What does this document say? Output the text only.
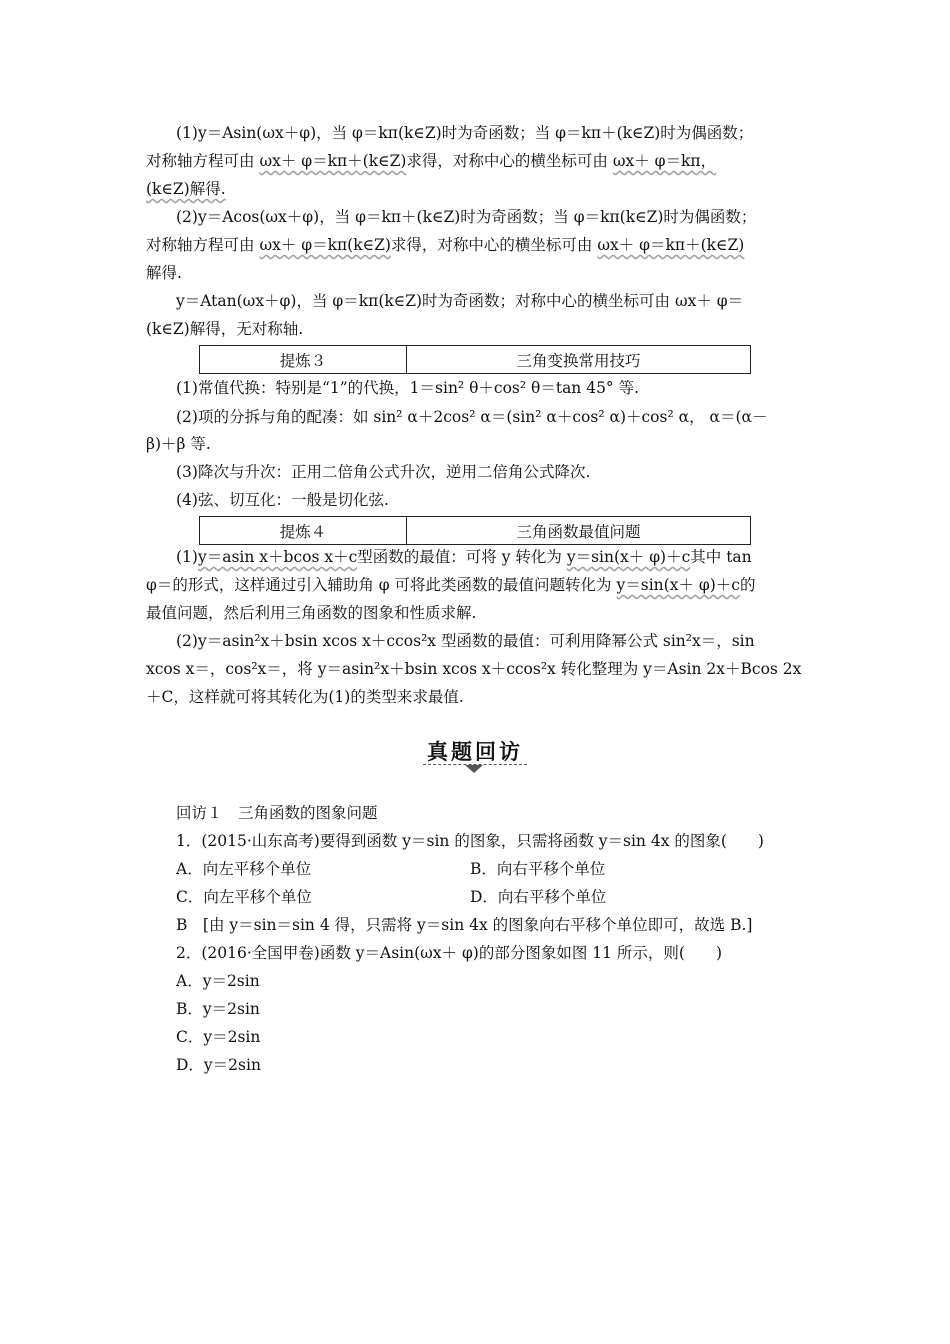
(1)y＝Asin(ωx＋φ)，当 φ＝kπ(k∈Z)时为奇函数；当 φ＝kπ＋(k∈Z)时为偶函数；
对称轴方程可由 ωx＋ φ＝kπ＋(k∈Z)求得，对称中心的横坐标可由 ωx＋ φ＝kπ，
(k∈Z)解得.
(2)y＝Acos(ωx＋φ)，当 φ＝kπ＋(k∈Z)时为奇函数；当 φ＝kπ(k∈Z)时为偶函数；
对称轴方程可由 ωx＋ φ＝kπ(k∈Z)求得，对称中心的横坐标可由 ωx＋ φ＝kπ＋(k∈Z)
解得.
y＝Atan(ωx＋φ)，当 φ＝kπ(k∈Z)时为奇函数；对称中心的横坐标可由 ωx＋ φ＝
(k∈Z)解得，无对称轴.
提炼３	三角变换常用技巧
(1)常值代换：特别是“1”的代换，1＝sin² θ＋cos² θ＝tan 45° 等.
(2)项的分拆与角的配凑：如 sin² α＋2cos² α＝(sin² α＋cos² α)＋cos² α， α＝(α－
β)＋β 等.
(3)降次与升次：正用二倍角公式升次，逆用二倍角公式降次.
(4)弦、切互化：一般是切化弦.
提炼４	三角函数最值问题
(1)y＝asin x＋bcos x＋c型函数的最值：可将 y 转化为 y＝sin(x＋ φ)＋c其中 tan
φ＝的形式，这样通过引入辅助角 φ 可将此类函数的最值问题转化为 y＝sin(x＋ φ)＋c的
最值问题，然后利用三角函数的图象和性质求解.
(2)y＝asin²x＋bsin xcos x＋ccos²x 型函数的最值：可利用降幂公式 sin²x＝，sin
xcos x＝，cos²x＝，将 y＝asin²x＋bsin xcos x＋ccos²x 转化整理为 y＝Asin 2x＋Bcos 2x
＋C，这样就可将其转化为(1)的类型来求最值.
真题回访
回访１　三角函数的图象问题
1．(2015·山东高考)要得到函数 y＝sin 的图象，只需将函数 y＝sin 4x 的图象(　　)
A．向左平移个单位	B．向右平移个单位
C．向左平移个单位	D．向右平移个单位
B　[由 y＝sin＝sin 4 得，只需将 y＝sin 4x 的图象向右平移个单位即可，故选 B.]
2．(2016·全国甲卷)函数 y＝Asin(ωx＋ φ)的部分图象如图 11 所示，则(　　)
A．y＝2sin
B．y＝2sin
C．y＝2sin
D．y＝2sin
